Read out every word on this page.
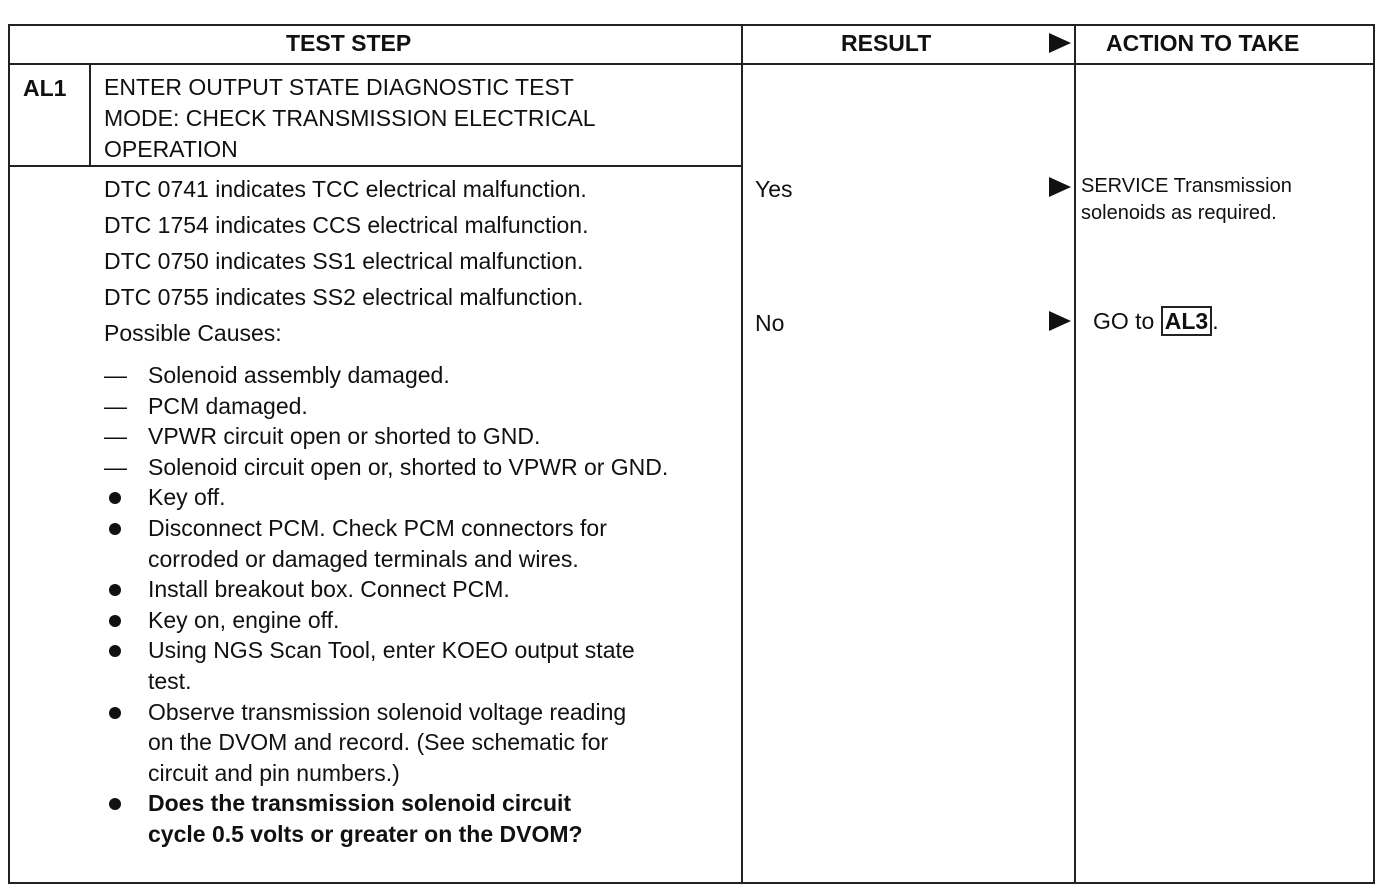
TEST STEP	RESULT	ACTION TO TAKE
AL1 ENTER OUTPUT STATE DIAGNOSTIC TEST
MODE: CHECK TRANSMISSION ELECTRICAL
OPERATION
DTC 0741 indicates TCC electrical malfunction.
DTC 1754 indicates CCS electrical malfunction.
DTC 0750 indicates SS1 electrical malfunction.
DTC 0755 indicates SS2 electrical malfunction.
Possible Causes:
— Solenoid assembly damaged.
— PCM damaged.
— VPWR circuit open or shorted to GND.
— Solenoid circuit open or, shorted to VPWR or GND.
Key off.
Disconnect PCM. Check PCM connectors for corroded or damaged terminals and wires.
Install breakout box. Connect PCM.
Key on, engine off.
Using NGS Scan Tool, enter KOEO output state test.
Observe transmission solenoid voltage reading on the DVOM and record. (See schematic for circuit and pin numbers.)
Does the transmission solenoid circuit cycle 0.5 volts or greater on the DVOM?
Yes	SERVICE Transmission
solenoids as required.
No	GO to AL3 .
